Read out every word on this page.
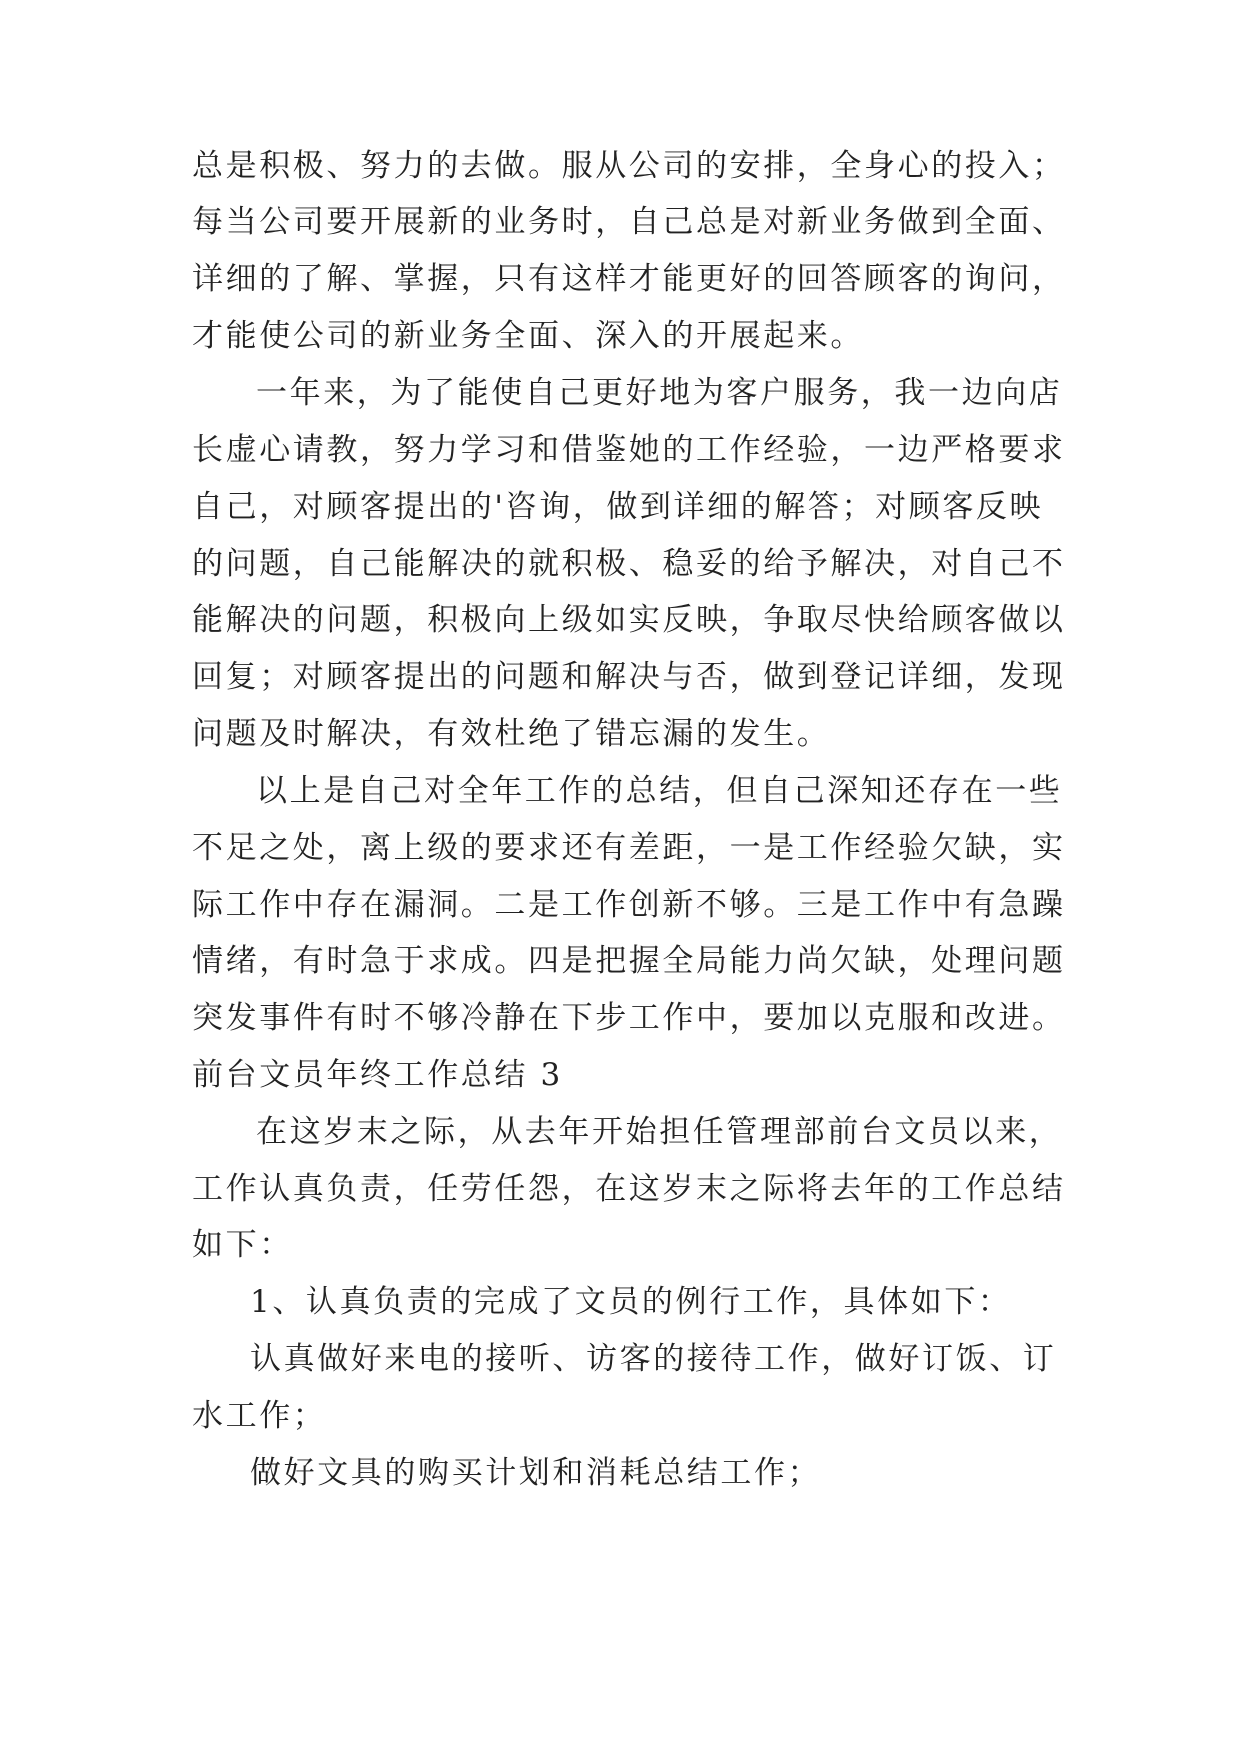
总是积极、努力的去做。服从公司的安排，全身心的投入；
每当公司要开展新的业务时，自己总是对新业务做到全面、
详细的了解、掌握，只有这样才能更好的回答顾客的询问，
才能使公司的新业务全面、深入的开展起来。
一年来，为了能使自己更好地为客户服务，我一边向店
长虚心请教，努力学习和借鉴她的工作经验，一边严格要求
自己，对顾客提出的'咨询，做到详细的解答；对顾客反映
的问题，自己能解决的就积极、稳妥的给予解决，对自己不
能解决的问题，积极向上级如实反映，争取尽快给顾客做以
回复；对顾客提出的问题和解决与否，做到登记详细，发现
问题及时解决，有效杜绝了错忘漏的发生。
以上是自己对全年工作的总结，但自己深知还存在一些
不足之处，离上级的要求还有差距，一是工作经验欠缺，实
际工作中存在漏洞。二是工作创新不够。三是工作中有急躁
情绪，有时急于求成。四是把握全局能力尚欠缺，处理问题
突发事件有时不够冷静在下步工作中，要加以克服和改进。
前台文员年终工作总结 3
在这岁末之际，从去年开始担任管理部前台文员以来，
工作认真负责，任劳任怨，在这岁末之际将去年的工作总结
如下：
1、认真负责的完成了文员的例行工作，具体如下：
认真做好来电的接听、访客的接待工作，做好订饭、订
水工作；
做好文具的购买计划和消耗总结工作；
